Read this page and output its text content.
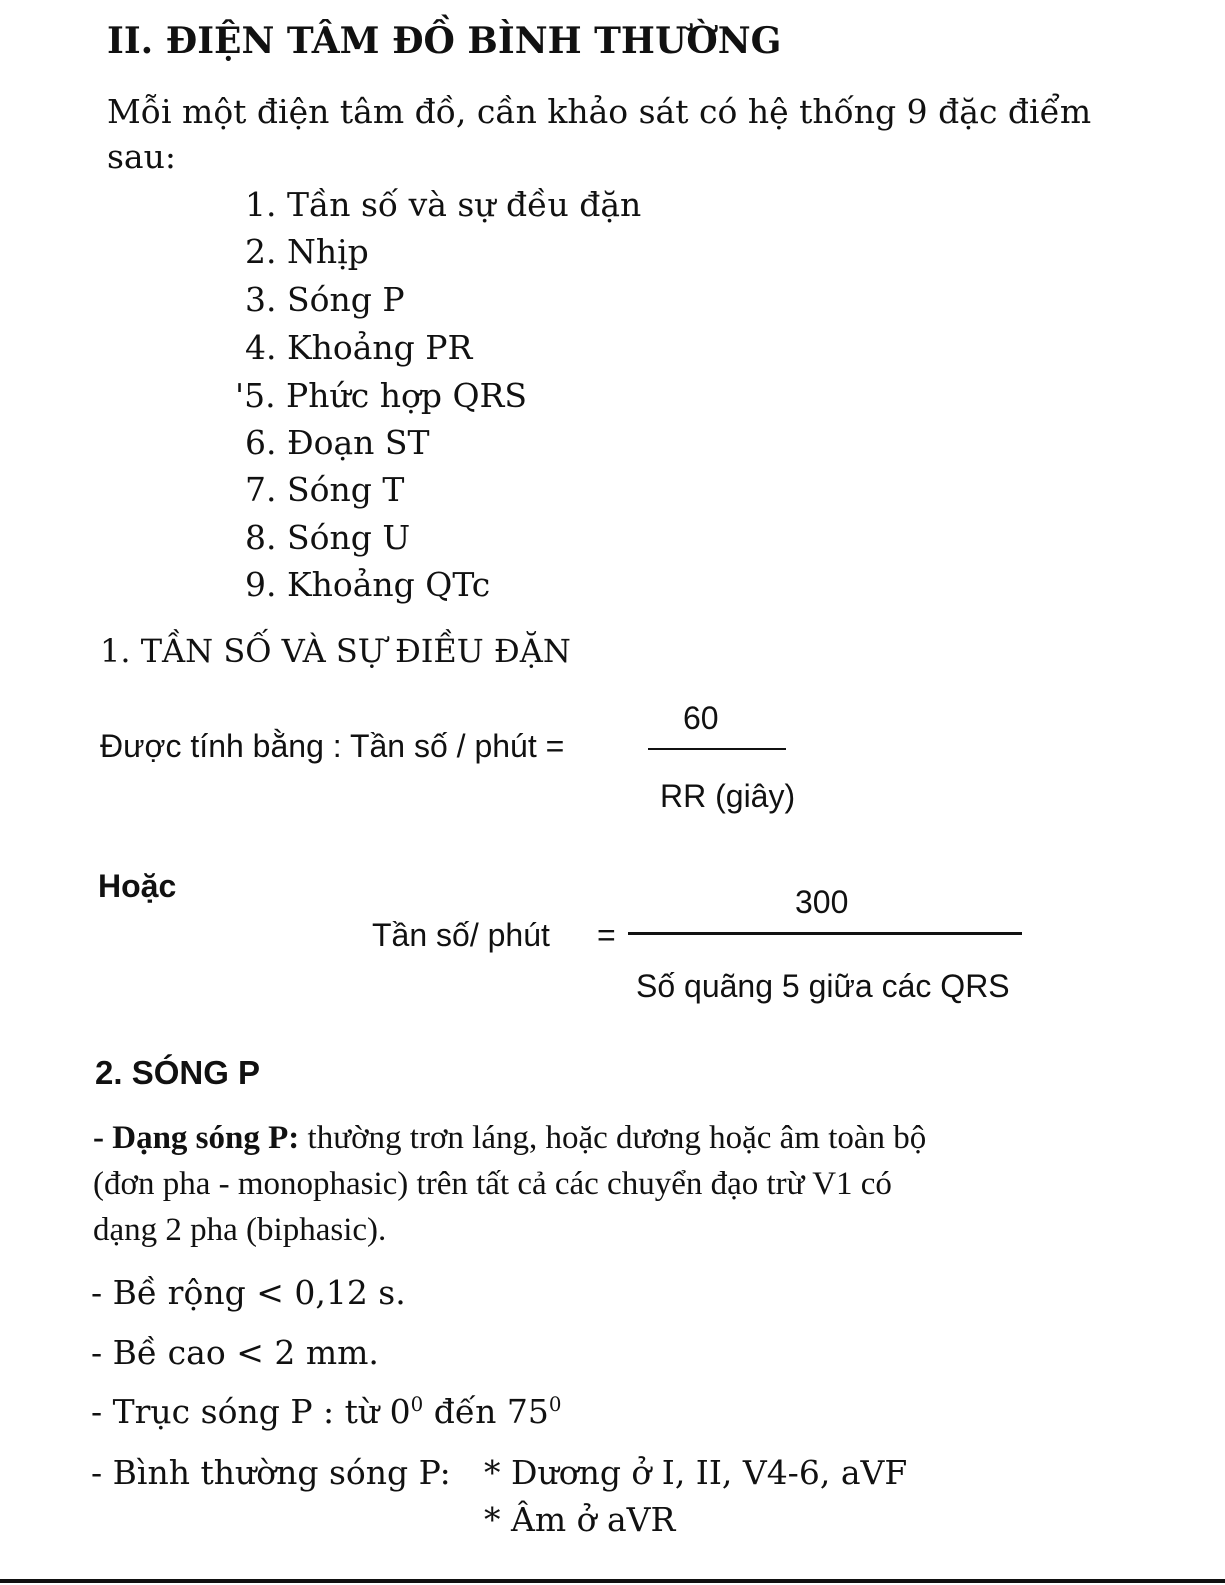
II. ĐIỆN TÂM ĐỒ BÌNH THƯỜNG
Mỗi một điện tâm đồ, cần khảo sát có hệ thống 9 đặc điểm
sau:
1. Tần số và sự đều đặn
2. Nhịp
3. Sóng P
4. Khoảng PR
'5. Phức hợp QRS
6. Đoạn ST
7. Sóng T
8. Sóng U
9. Khoảng QTc
1. TẦN SỐ VÀ SỰ ĐIỀU ĐẶN
Được tính bằng : Tần số / phút =
60
RR (giây)
Hoặc	300
Tần số/ phút =
Số quãng 5 giữa các QRS
2. SÓNG P
- Dạng sóng P: thường trơn láng, hoặc dương hoặc âm toàn bộ
(đơn pha - monophasic) trên tất cả các chuyển đạo trừ V1 có
dạng 2 pha (biphasic).
- Bề rộng < 0,12 s.
- Bề cao < 2 mm.
- Trục sóng P : từ $0^0$ đến $75^0$
- Bình thường sóng P: * Dương ở I, II, V4-6, aVF
* Âm ở aVR
